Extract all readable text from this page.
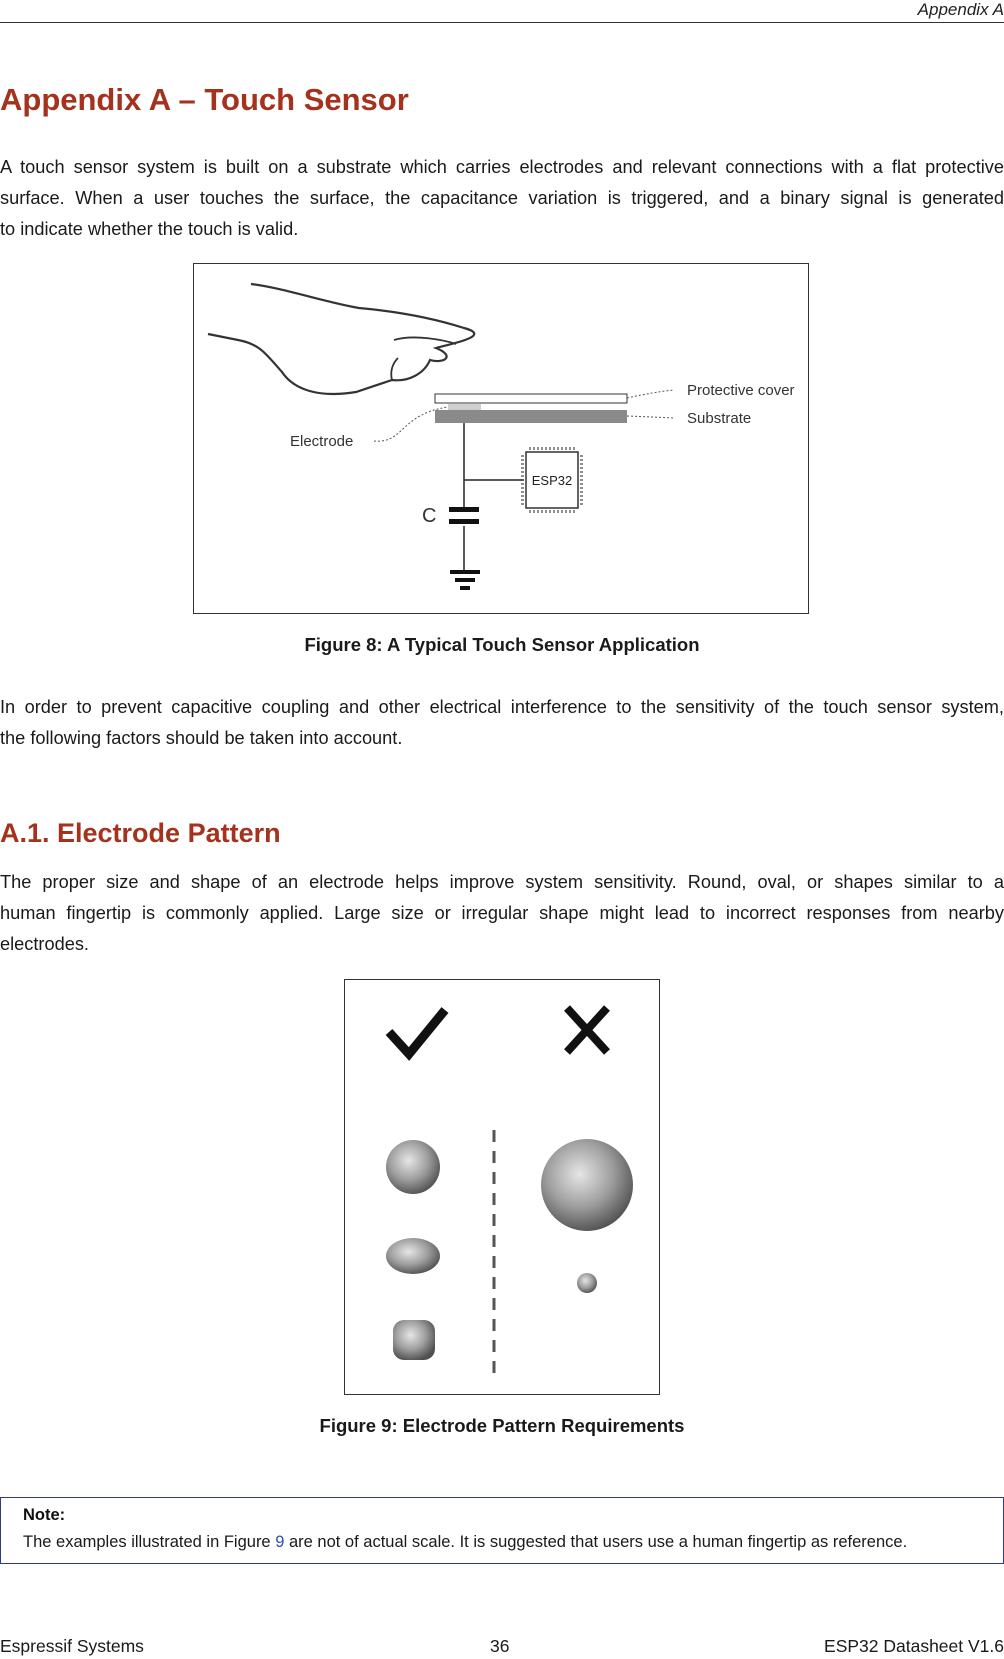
Appendix A
Appendix A – Touch Sensor
A touch sensor system is built on a substrate which carries electrodes and relevant connections with a flat protective
surface. When a user touches the surface, the capacitance variation is triggered, and a binary signal is generated
to indicate whether the touch is valid.
Protective cover
Substrate
Electrode
C
ESP32
Figure 8: A Typical Touch Sensor Application
In order to prevent capacitive coupling and other electrical interference to the sensitivity of the touch sensor system,
the following factors should be taken into account.
A.1. Electrode Pattern
The proper size and shape of an electrode helps improve system sensitivity. Round, oval, or shapes similar to a
human fingertip is commonly applied. Large size or irregular shape might lead to incorrect responses from nearby
electrodes.
Figure 9: Electrode Pattern Requirements
Note:
The examples illustrated in Figure 9 are not of actual scale. It is suggested that users use a human fingertip as reference.
Espressif Systems	36	ESP32 Datasheet V1.6
